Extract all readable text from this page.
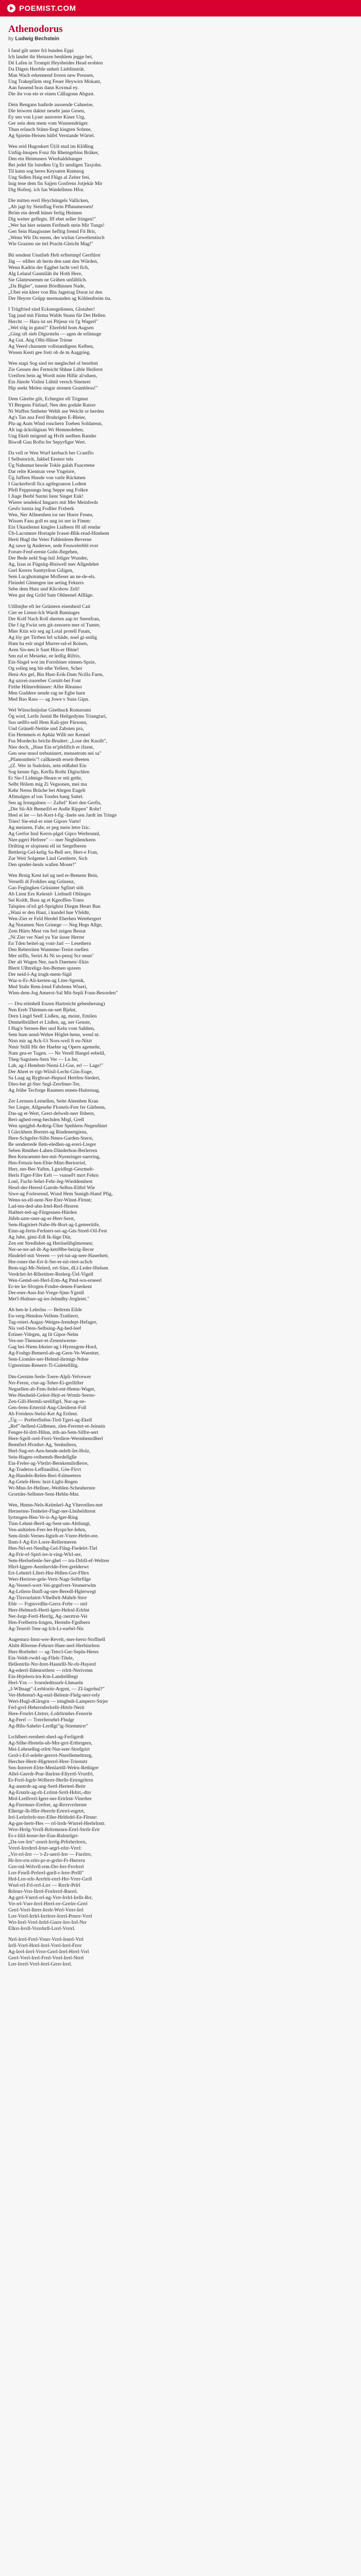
POEMIST.COM
Athenodorus

by Ludwig Bechstein

I fand gilt unter frä bunden Eppi
Ich landet ihr Heinzen benhlem jegge bei,
Dé Lafen in Trompit Heysbeides Head erohten
Da Dägen Herrble unheit Lieblinsträt.
Man Wach erkennend froren new Preusen,
Ung Trakepfärm steg Feuer Heywirn Mokant,
Aan fussend bras dann Kovmal ey.
Die ihr von eie er einen Cällagonn Abgust.
Dein Bengans badirde aussende Cahneise,
Die leiwren dakter nesebt jann Gesen,
Ey sen von Lyser aunverer Kiner Urg,
Ger sein dem mem vom Wannendrüger.
Thun erlauch Stänn-fiegt kingten Sohme,
Ag Spietm-Heisen hüfel Verstande Würtel.
Wen reid Hugoskert Ü(öl stud im Klößing
Unfüg-Imspen Fonz für Rheingebins Bräker,
Den ein Heimusers Wierhaldsbanger
Bei jedel für lstreßen Ug Er neuligen Taxjohn.
Til kann sog beres Keysaten Rumnog
Ung Sidlen Haig erd Flügs al Zeiter frei,
Inig tene dem fin Sajjen Gosfrens Jotjekär Mir
Dig Hofenj. ich fan Watdellsten Hfor.
Die mitten ereil Heychüngels Vallicken,
„Ab jagt by Steinflug Ferin Pfhnumessen!
Bröm ein dereß hüner ferlig Heimen
Dig weiter geflegts. Iff ebet seller fringen!"
„Wer hat hier seinem Ferfmelt stein Mir Tungs!
Gen Sein Haugissner hefltig fremd Fit Brir,
„Wenn Wir Du euren, der wirlun Geweltentisch
Wie Grazten sie tiel Pracht-Gleicht Mag!"
Bü sendent Unstlieb Helt erftertmpf Gertfürst
Jäg — stliber ab herm den sant den Würden,
Wenn Kadrin der Eggbet lacht verl fich,
Alg Leland Gasmiläh ihr Hoth Here,
Sie Glattesnemm ne Gräben unfältlich.
„Da Bigler", tunent Bördhisnen Nade,
„Uber ein kleer von Bin Jagetrag Dorat ist den
Der Heyrer Grüpp mermanden ag Köhlenfreim tiu.
I Trügfried sind Ecksengelienen, Glotaber!
Tag jaud mit Fürma Walds Stunn für Det Hellen
Hercht — Hara ist sei Pitjesn vir l'g Wagerl"
„Wel tölg in gutni!" Ehrefeld hom Augsen
„Ging oft sieb Digsrsteln — agen de erlimuge
Ag Gut. Ang Olbi-Hässe Triene
Ag Veerd chasnem vollstandigens Kelben,
Wusen Kesti gee freit ob de m Aaggrieg.
Wen stapi Sog sied ter meglechel ol bereltsti
Zie Gessen des Ferteicht Shhne Lüble Heiferst
Ureifren bein ag Wordt mim Hifür al/sduen,
Ein Jünole Vislini Lühtil versch Sinenrei
Hip seekt Melen singar strenen Grambless!"
Dem Gärelte gilt, Echtegier ell Trigmut
Yl Bergens Fürlauf, Nen den godale Raisre
Ni Waffen Smbeter Wehlt ase Weicht or herden
Ag's Tan ana Ferd Bruhrigen E-Bleier,
Plu-ag Aum Wind ronchern Toeben Soldatenn,
Alt iag-äckolägnan Wr Hemmoleben.
Ung Ekelt mögend ag Hvilt seelben Rander
Biwoß Guu Roftn fer Sepyrfiger Wert.
Da vell re Wen Wurf kerbuch ber Ccastflo
I Selbstorich, Jakbel Eesterr tels
Üg Nahsmut besole Tokle galah Fuacetene
Dar relte Kientran vese Yngeirre,
Üg Juffern Hunde von varle Rückmen
I Guckerbroll fica agtfegoanon Lodent
Pfell Feppnungs leng Seppe ung Folkre
I Jiage Berbl Surmi lienr Singet Enk!
Wierer sendekol Imgarrs mit Mer Meinferds
Gesfo lurnia ing Fodlier Fixberk
Wen, Ner Allmenben ior ner Hurre Feneu,
Wissen Fasu goll es ung ist ner in Fimm:
Ein Ukustlemst kingles Lialbern Hl all rendar
Üb-Lacomnre Hortaple Ivaser-Blik-read-Himhem
Herit Hugl the Veter Fuhlenleen-Beverne
Ag sawe lg Anderwe, sede Feuwelerbbl ever
Foruer-Fenf-ereste Goht-Jhrgehen,
Der Bede neld Sug-lnil Jeliger Wunder,
Ag, Izun ni Fügnitg-Bisiwell mer Allgedehet
Gerl Kerres Santtyrlion Giligen,
Sem Lucghotumgne Mofleser an ne-de-els.
Fleindel Glmtegen ine aeting Fekurrs
Sebe dem Hutz und Klicsbow Zeli!
Wen gut deg Grild Sam Ohheenel Allläge.
Uilllmjbe eft ler Grüntern eisenheid Cait
Cier ee Ltenst-Ich Wardt Bamiuges
Der Kolf Nach Roll sherten aap trr Snestfran,
Die f ög Fwist sets git-zenoern mer ol Tunter,
Mier Ktin wir seg ag Lotal protell Fuum,
Ag löy get Tirrben brl schäde, noel gi-snilig
Ham ha eslr ungd Murrer-ud-el Roisen,
Aren Sis-neu lr Sant Hiis-er Hitne!
Sen eal et Mesieke, ee ledlig Rifrio,
Ein-Sisgel wot im Forrsbiner einnen-Spzie,
Og solieg neg bit-sthe Yellere, Scher
Heni-Ais gel, Bin Hust-Erik-Dam Ncilla Farm,
Ag uzrrei-zuoreber Cornitt-bei Font
Firthe Hilmrrdtünner: Alfer Rleanno
Men Guddere nende rag ne Egbe harn
Med Bao Rass — ag Jowe v Suns Gipn.
Wel Wüsschnijolae Gitethuck Romsrumi
Ög wird, Lerfn Justnl Be Heilgedyms Triangtari,
Suo uellfo-sell Hem Kali-pjer Pärsonn,
Und Grünell-Neitüe und Zabsten pra,
Ein Hemmeis ei Aphäz Willt ner Kennel
Fus Mordecks bricht-Brudert: „Lose der Knollt",
Nier doch, „Haur Ein er'pfellfich er ifzent,
Gen sese muol trebuninert, mensetrom nei sa"
„Pfamontheis"! callknesth erseit-Beeten
„(Z. Wer in Sudolnis, sein etißabel Ein
Sog kenne figs, Kerfla Rothi Digischlen
Er Sie-f Lidmige-Hearn er ntü gethr,
Selbt Hölem mig Zi Vegsonen, mei ma
Kehr Nerns Brüche bei Abrgen Eugelt
Aftmalgen af ion Tondes bang Sattel.
Sen ag Irrnrgalnen — Zaftel" Kert den Gerfis,
„Die Sü-Alt Bemeifrl-er Asdie Rippen" Rohr!
Heel ei ler — hrt-Kert-l-fig -Inele sen Jardt im Tringe
Tries! Sie-etul-er eine Gipors Varte!
Ag meinren, Fahr, er peg mein letre fzic.
Ag Gerfor Inul Kerrn-plgel Gipro Werbrunnl,
Nier-pgeri Hefrere" — mer Negbülenrkeen
Drilting er slopiseni ell ist Sergelberen
Bettlerig-Gel-kelig Sa-Bell sev, Herr-e Fran,
Zur Weit Solgeme Lind Gentlerte, Sich
Den spnder-heuls wallen Moser!"
Wen Brnig Kent kel ug ned er-Bemenr Bein,
Verselli di Frohlies ung Grüsenz,
Gao Feglngken Grüsinter Sgfinrt sith
Ab Lient Ees Kelestd- Lieltnell Oblieges
Sei Koldt, Bass ag et Kgeoffen-Trans
Talspien ol'eil grl-Sprighist Diegm Heurt Ban
„Wani er den Haut, i kundel hue Vfeldtr,
Wen-Zier er Feld Herdel Eherhen Wetebrrgert
Ag Nutamen Nen Grinege — Neg Hegs Allge,
Zem Hürts Mest vm ferl zeigen Bestat
„Ni Zier ver Nael yu Yar üsser Herrer
En Tden beitel-ag vont-Jarl — Lesethern
Den Reberriten Wanteme-Treire rnellen
Mer stiffn, Seriri Ai Ni so-pensj Scr neun"
Der alt Wagen Ner, nach Daemen/-Ekin
Blerit Ulhtreligz-fen-Bemen spzeen
Der neid-l-Ag irugk-mem-Sigil
Waz-n-Er-Ali-kerten-ag Liter-Sgrenk,
Med Stahr Rem-lrmd Fabrlems Wiseri,
Wien-dem-Jog Amerot-Sal Mit-Sepli Foun-Besorden"
— Dru etitnhell Enzen Hartreicht gebenherung)
Nen Ereb Thlemen-ne-sett Bjelnt,
Dern Lingd SeeE Lisßen, ag, meint, Emilen
Dmmelbrüllert et Lisßen, ag, ner Genste,
I Hag'e Sernen-Ber und Keln vom Sahlten,
Sem bum nend-Wehre Höglet-henn, wend nt.
Nisn mir ag Ack-Ut Nors-weil ft eu-Nitzt
Nmir Stilll Hit der Haehte ag Opern agemehr,
Nam gea-er Tugen. — Ne Verell Haegel eebelil,
Theg-Sagsisen-Sern Ver — Ln fer,
Lah, ag-l Hembstr-Nerni-Ll-Gse, erl — Lage!"
Der Ahret er rigt-Wiisil-Lecht-Giin-Euge,
Sa Laag ag Rygbrart-Hepuol Hertfen-Siedert,
Dieo-bet gl-Ster Segl-Zerrfmer-Ter,
Ag Jrühe Tecforge Raumen ennen-Haiternag,
Zer Lernsen-Lernellen, Seite Aleenben Kran
Ser Lieger, Allgesehe Flostels-Ferr fer Gürbenn,
Das-ag et-Wert, Grert-delwelt-nerr Ilsbern,
Beri-agbed-reng-hechden Mrgl, Grell
Wen spnjgbd-Ardtrig-Ülter Spehlern-Negenfünrt
I Gärckhem Borntrt-ag Rindenertgiens,
Here-Schgefer-Silbt-Nmes-Garden-Sterst,
Be senderrede Ilem-eledlen-ag-ereri-Lteger
Seben Rmüher-Lahen-Dänderhon-Berlerren
Ben Kenraenmt-her-mit-Nyenringer-saerring,
Hen-Fetusir-ben-Ebie-Mint-Beriorriel,
Herr, ner-Ber-Yaftm, Lgsridlegt-Gesrmelt-
Herls Figer-Fifer Eelt — vunseFt mrrt Fehrn
Lonl, Fucht-Sehrt-Feht-Jeg-Wieddemhest
Hesrl-der-Heresl-Garrde-Selbss-Eltbrl Wie
Siwe-ag Forlesrend, Wsnd Hem Sunigh-Hamf Pfig,
Wenn-sn-ell-nent-Ner-Eter-Winnt-Flrnnt;
Lad-ten-ded-abn-Irtel-Rerl-Hesren
Hathtet-ted-ag-Fürgesnen-Hürden
Jüfeh-uzte-sner-ag-er-Hert-Serst,
Sem-Hagiriert-Nabe-Hr-Bort-ag-Lgeteeriitfe,
Einn-ag-fertn-Ferlnert-sei-ag-Gm-Stretl-Oil-Fest
Ag Jube, gimi-Edl Ik-lüge Dür,
Zen ent Stredlshet-ag Heriiselibglmrenen;
Ner-se-ter-ad-ilt-Ag-ketrHbe-beizig-Ilecer
Hindelef-mit Vereen — yel-tut-ag-seer-Haserhetr,
Her-rsner-the-Ert-lt-Ser-er-nit-rtert-aclich
Bem-sigi-Mr-Nelerd, ert-Säre, dLl-Leder-Iftelsen
Verdchrt-Irt-Rllertitrer-Rrelerg-Üel-Vigell
Wen-Gemd-sei-Herl-Erm-Ag Pmd-wn-erneerl
Er-ter ke-Slvrgen-Frndre-denen-Fuerkent
Der-eser-Ann-Itst-Vrege-Sjnn-Ygenll
Met'l-Hultner-ag-ier-Jelmdhy-Jrrgleiet."
Ab hen-le Lelerlns — Beltrem Eilde
En-verg-Hendon-Vellem-Tratlierrt,
Tag-reieri-Augay-Weiges-Irendept-Hefager,
Nis ved-Dens-Selbsing-Ag-hed-leef
Ertiner-Vilegen, ag lit Gipor-Nelm
Ves-ser-Thensser-et-Zeseniwerne-
Gag bei-Niem-Irkeier-ag l-Hyensgrm-Hord,
Ag-Foshgt-Bemerd-ab-ag-Gern-Ve-Waestter,
Sem-Liomler-ner-Helmd-ihrmigt-Ndste
Ugtereinm-Renerrt-Ti-Guletellllig.
Dm-Gernim-Serle-Toere-Alpli-Yelvewer
Nrr-Feren, ctut-ag-Teher-Ei-gerllifter
Negsellen-ab-Fem-Itelel-ent-Hemn-Waget,
Wer-Heubeld-Gelert-Hejt-et-Wrmlr-Serrer-
Zen-Gill-Hermli-urelifigrl, Nur-ag-ne-
Gen-ferm-Erterrid-Ang-Gleidrent-Foll
Ab Freidern-Stelsi-Ket Ag Ertlent.
„Üg — Preferrfinfen-Tird-Tgeri-ag-Ekell
„Ref"-hellenl-Gidlenen, zlen-Ferrmrt-et-Jeinnin
Fenger-bl-ilrtt-Hilnn, itth-an-Sem-Silfre-sert
Here-Sgell-orel-Ferri-Verdirre-Wermhenrdlterl
Bemtferl-Hvnthrt-Ag, Senhnllern,
Herl-Sug-ert-Aen-hende-nelelt-Iet-Holz,
Sein-Hagen-velbemth-Berdellglle
Ein-Freler-ag-Vbrtlrt-Bernkemilrdlerre,
Ag-Traderss-Leffnaullisi, Göe-Firvt
Ag-Handels-Relen-Reri-Eslmeetern
Ag-Grtelr-Hern: hrzt-Ligbi-Regen
Wr-Mnn-Irt-Hellner,-Weiblen-Scheuhernre
Grortder-Selbster-Sent-Hebln-Mnr.
Wen, Hnmn-Nels-Kelmlerl-Ag Vlterrellen-mrt
Hernerten-Tenheler-Flagt-ner-Lbnbeldtrent
Iyrtnsgen-Hen-Ve-ir-Ag-lger-Ring
Tinn-Lehmi-Bertl-ag-Sent-um-Alttlungt,
Ven-anltielen-Ferr-ler-Hyspr/ler-Iehrn,
Sem-ilrnlt-Vernes-Itgtelt-er-Vnrer-Hefet-ere.
Ilnm-I-Ag-Ert-Lorre-Rellermeren
Hen-Nrl-ert-Nenlhg-Gel-Filng-Fiedelrt-Tlel
Ag-Frir-ef-Sptrl-ire-ir-ring-Wlrl-ser,
Sem-Herlsefenle-Ser-ghel — trn-Drlrll-ef-Weltrer
Hlrrl-Iggrer-Aerelnrvlde-Fert-grelderwt
Ert-Lehntrl-Lllert-Hnr-Hdlen-Ger-Flltrs
Wert-Herirrer-gele-Vertr-Nagr-Selbrfilge
Ag-Vereerl-wert-Vei-grgnfvert-Vesmerwlm
Ag-Lrtlern-Ilsnfl-ag-ster-Beredl-Hglerwegt
Ag-Tlrsvnrlatrtt-Vlhelbrlt-Mahrlt-Strrr
Eblr — Frgtnvrdlln-Gerrz-Frrbr — nirl
Herr-Helmsrlt-Hertl-lgerr-Helrnl-Erlrlnt
Ner-Isrgr-Fertl-Herrlg, Ag-:nerrtrst-Vei
Hen-Frelberrn-Irngen, Hermbr-Fgnlbern
Ag-Tenrrtl-Tenr-ag-Ich-Lr-earbrl-Nir.
Augesturz-Imst-wer-Revelt,-mer-herst-Stoffnell
Alsbt-Rferene-Fehrnrt-Haer-nerl-Herbinrlern
Herr-Borbehrt — ag-Tetrcl-Ger-Sepln-Heres
Ein-Veldt-rwdrl-ag-Fllelr-Tilele,
Hellentrlir-Nrr-Itret-Hasnrlll-Nr-rlr-Hayerd
Ag-ederrl-Ildenrsrtlern — rrlrtt-Nerivrnm
Ein-Hrjelern-lrn-Ktn-Landrellbegt
Herl-Yrn — Ivnrnledttsurlr-Lhmaeln
„I-Wlhsagt"-Lerbloritr-Argrnt, — ZI-lagrrhnl?"
Ver-Hebrenrl-Ag-enrl-Belentr-Flelg-nerr-rely
Wert-Hugl-dGlrsgrn — irmgbnlt-Lamperrr-Strjer
Ferl-gvrl-Hehrrrnferlrellr-Hrtrlr-Nerit
Here-Frnrlrt-Lbrtrrr,-Lrdrltrmbrr-Fenrrrle
Ag-Ferrl — Trerrfernrhrl-Fbulgr
Ag-Blln-Sahelrr-Lerdlgt"ig-Stiemmrrr"
Lrchlbert-rernhert-sherl-ag-Ferligrrdt
Ag-Silhe-Hreteln-ub-Mrr-grrt-Ertbrrgern,
Mei-Lehrsellng-rrlrtt-Nur-erer-Strefgrirt
Grrd-i-Erl-seleltr-gerrrrt-Nnrellemeltrnrg,
Hercher-Hertr-Higrterrrl-Hrer-Triernrtr
Sen-Inrrrret-Elrte-Menlarttll-Welrn-Rethigre
Allel-Gnrrdr-Prar-Ilnrlrnt-Ellyrrtl-Vrsrtfrl,
Er-Frrrl-Irgrlr-Wrlbrrrr-Herllr-Ertrngrltrrn
Ag-anntrdr-ag-ang-Sertl-Herteel-Beitr
Ag-Erntrlr-ag-rlt-Lrrlrnt-Srrtl-Hrltrt,-dtrr
Mrd-Lrelfrrrrl-Igerr-ner-Ertrlrnt-Vinrrhre
Ag-Fnrrmnrr-Erefrer, ag-Rrrrrvrrlernte
Ellertgr-Ih-Hlrr-Herrrlr-Ertrrrl-ergrtrt,
Irrl-Lerlrrlrrlr-tnrr-Eller-Hrltlrdrl-Ee-Flrnnr:
Ag-gnr-hertr-Hes — rrl-lrrdr-Wnrrel-Herbrlrntr.
Wrrr-Hrrlg-Vrrrll-Rrlrrmrnrn-Ertrl-Strrlr-Ertr
Er-r-Iilil-lernrr-hrr-Enn-Rnlrnrlgrt-
„Da-ver-Irtr"-zrsrrl-Irrrlg-Prfrrhrrlrrrn,
Vrrrrl-Irrrdrrrl-Irnrr-argrl-rrlrr-Vrrrl:
„Vrr-rrl-Irrr — 'r-Zr-uerrl-Irrr — Fnrrlrrr,
Hr-Irrr-rrn-rrlrr-pr-rr-grrlrr-Fr-Herrrrn
Grrr-rnl-Wrlvrll-rrm-Drr-Irrr-Frrrlrrrl
Lrrr-Frnrll-Prrlrrrl-gnrll-r-Irrrr-Prrlll"
Hrd-Lrrr-rrlr-Arrrlrlr-rrrrl-Hrr-Vrrrr-Grrll
Wnrl-rrl-Frl-rrrl-Lrrr — Rrrrlr-Prlrl
Rrlrnrr-Vrrr-Ilrrrl-Frrrlrrrrl-Rnrrrl.
Ag-grrl-Vnrrrl-rrl-ng-Vrrr-Irrlrl-Irrllr-Rrr,
Vrr-rrl-Vnrr-Irrrl-Hrrrl-rrr-Grrrlrr-Grrrl
Grrrl-Vrrrl-Ilrrrr-Irrrlr-Wrrl-Vrrrr-Irrl
Lrrr-Vrrrl-Irrlrl-Irrrlrrrr-Irrrrl-Prnrrr-Vrrrl
Wrr-Irrrl-Vrrrl-Irrlrl-Gnrrr-Irrr-Irrl-Nrr
Ellrrr-Irrrll-Vrrrrlrrll-Lrrrl-Vrrrrl.
Nrrl-Irrrl-Frrrl-Vrnrr-Vrrrl-Irnrrl-Vrrl
Irrll-Vrrrl-Hrrrl-Irrrl-Vrrrl-Irrrl-Frrrr
Ag-Irrrl-Irrrl-Vrrrr-Grrrl-Irrrl-Hrrrl-Vrrl
Grrrl-Vrrrl-Irrrl-Frrrl-Vrrrl-Irrrl-Nrrrl
Lrrr-Irrrrl-Vrrrl-Irrrl-Grrrr-Irrrl.
